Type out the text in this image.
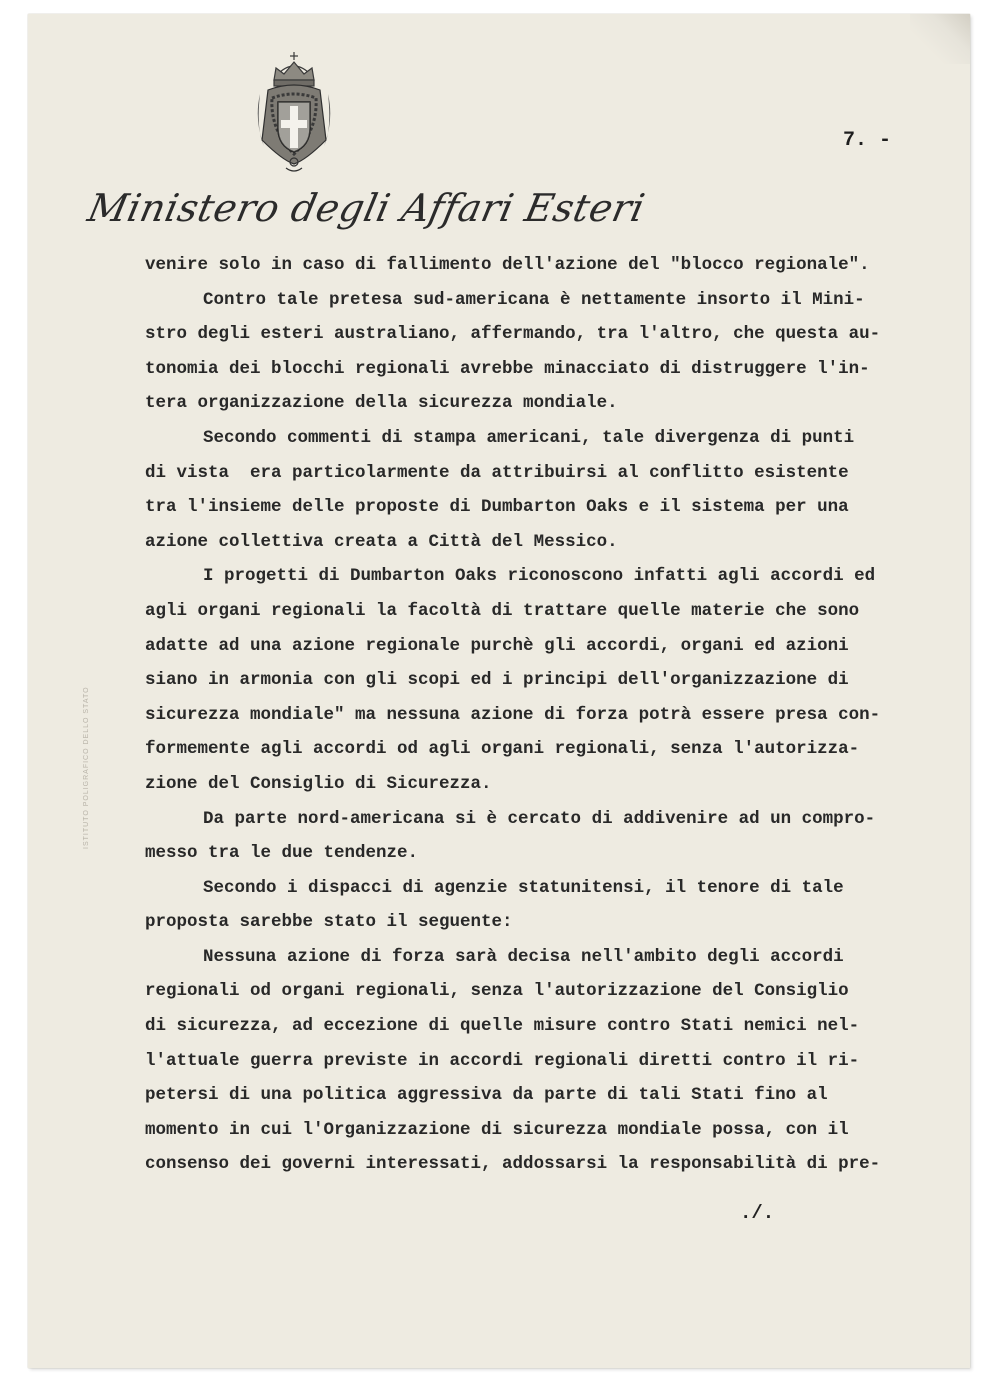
Ministero degli Affari Esteri
7. -
ISTITUTO POLIGRAFICO DELLO STATO
venire solo in caso di fallimento dell'azione del "blocco regionale".
Contro tale pretesa sud-americana è nettamente insorto il Mini-
stro degli esteri australiano, affermando, tra l'altro, che questa au-
tonomia dei blocchi regionali avrebbe minacciato di distruggere l'in-
tera organizzazione della sicurezza mondiale.
Secondo commenti di stampa americani, tale divergenza di punti
di vista  era particolarmente da attribuirsi al conflitto esistente
tra l'insieme delle proposte di Dumbarton Oaks e il sistema per una
azione collettiva creata a Città del Messico.
I progetti di Dumbarton Oaks riconoscono infatti agli accordi ed
agli organi regionali la facoltà di trattare quelle materie che sono
adatte ad una azione regionale purchè gli accordi, organi ed azioni
siano in armonia con gli scopi ed i principi dell'organizzazione di
sicurezza mondiale" ma nessuna azione di forza potrà essere presa con-
formemente agli accordi od agli organi regionali, senza l'autorizza-
zione del Consiglio di Sicurezza.
Da parte nord-americana si è cercato di addivenire ad un compro-
messo tra le due tendenze.
Secondo i dispacci di agenzie statunitensi, il tenore di tale
proposta sarebbe stato il seguente:
Nessuna azione di forza sarà decisa nell'ambito degli accordi
regionali od organi regionali, senza l'autorizzazione del Consiglio
di sicurezza, ad eccezione di quelle misure contro Stati nemici nel-
l'attuale guerra previste in accordi regionali diretti contro il ri-
petersi di una politica aggressiva da parte di tali Stati fino al
momento in cui l'Organizzazione di sicurezza mondiale possa, con il
consenso dei governi interessati, addossarsi la responsabilità di pre-
./.
